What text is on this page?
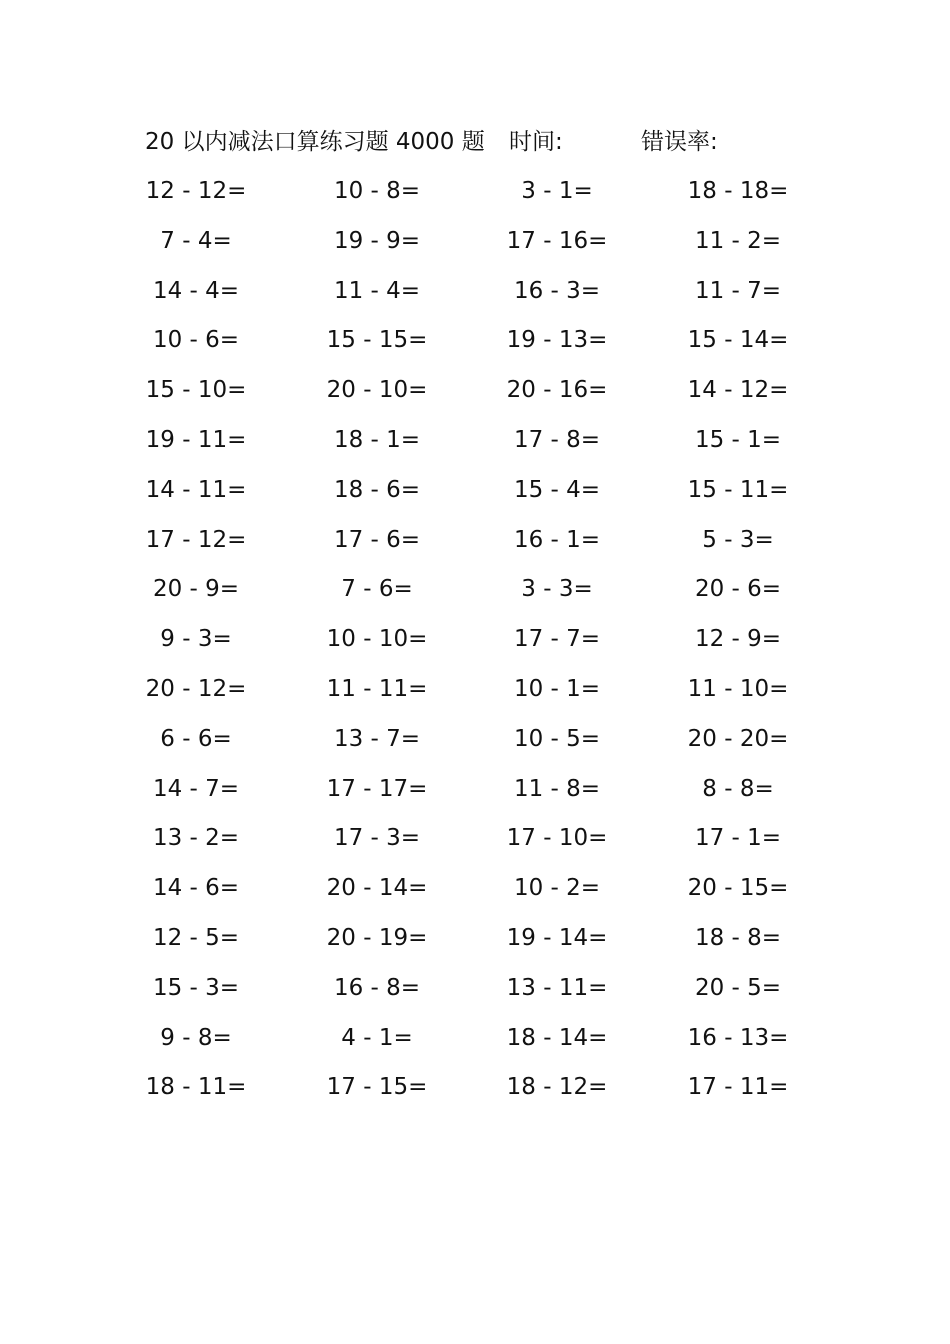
20 以内减法口算练习题 4000 题 时间:	错误率:
12 - 12=	10 - 8=	3 - 1=	18 - 18=
7 - 4=	19 - 9=	17 - 16=	11 - 2=
14 - 4=	11 - 4=	16 - 3=	11 - 7=
10 - 6=	15 - 15=	19 - 13=	15 - 14=
15 - 10=	20 - 10=	20 - 16=	14 - 12=
19 - 11=	18 - 1=	17 - 8=	15 - 1=
14 - 11=	18 - 6=	15 - 4=	15 - 11=
17 - 12=	17 - 6=	16 - 1=	5 - 3=
20 - 9=	7 - 6=	3 - 3=	20 - 6=
9 - 3=	10 - 10=	17 - 7=	12 - 9=
20 - 12=	11 - 11=	10 - 1=	11 - 10=
6 - 6=	13 - 7=	10 - 5=	20 - 20=
14 - 7=	17 - 17=	11 - 8=	8 - 8=
13 - 2=	17 - 3=	17 - 10=	17 - 1=
14 - 6=	20 - 14=	10 - 2=	20 - 15=
12 - 5=	20 - 19=	19 - 14=	18 - 8=
15 - 3=	16 - 8=	13 - 11=	20 - 5=
9 - 8=	4 - 1=	18 - 14=	16 - 13=
18 - 11=	17 - 15=	18 - 12=	17 - 11=
